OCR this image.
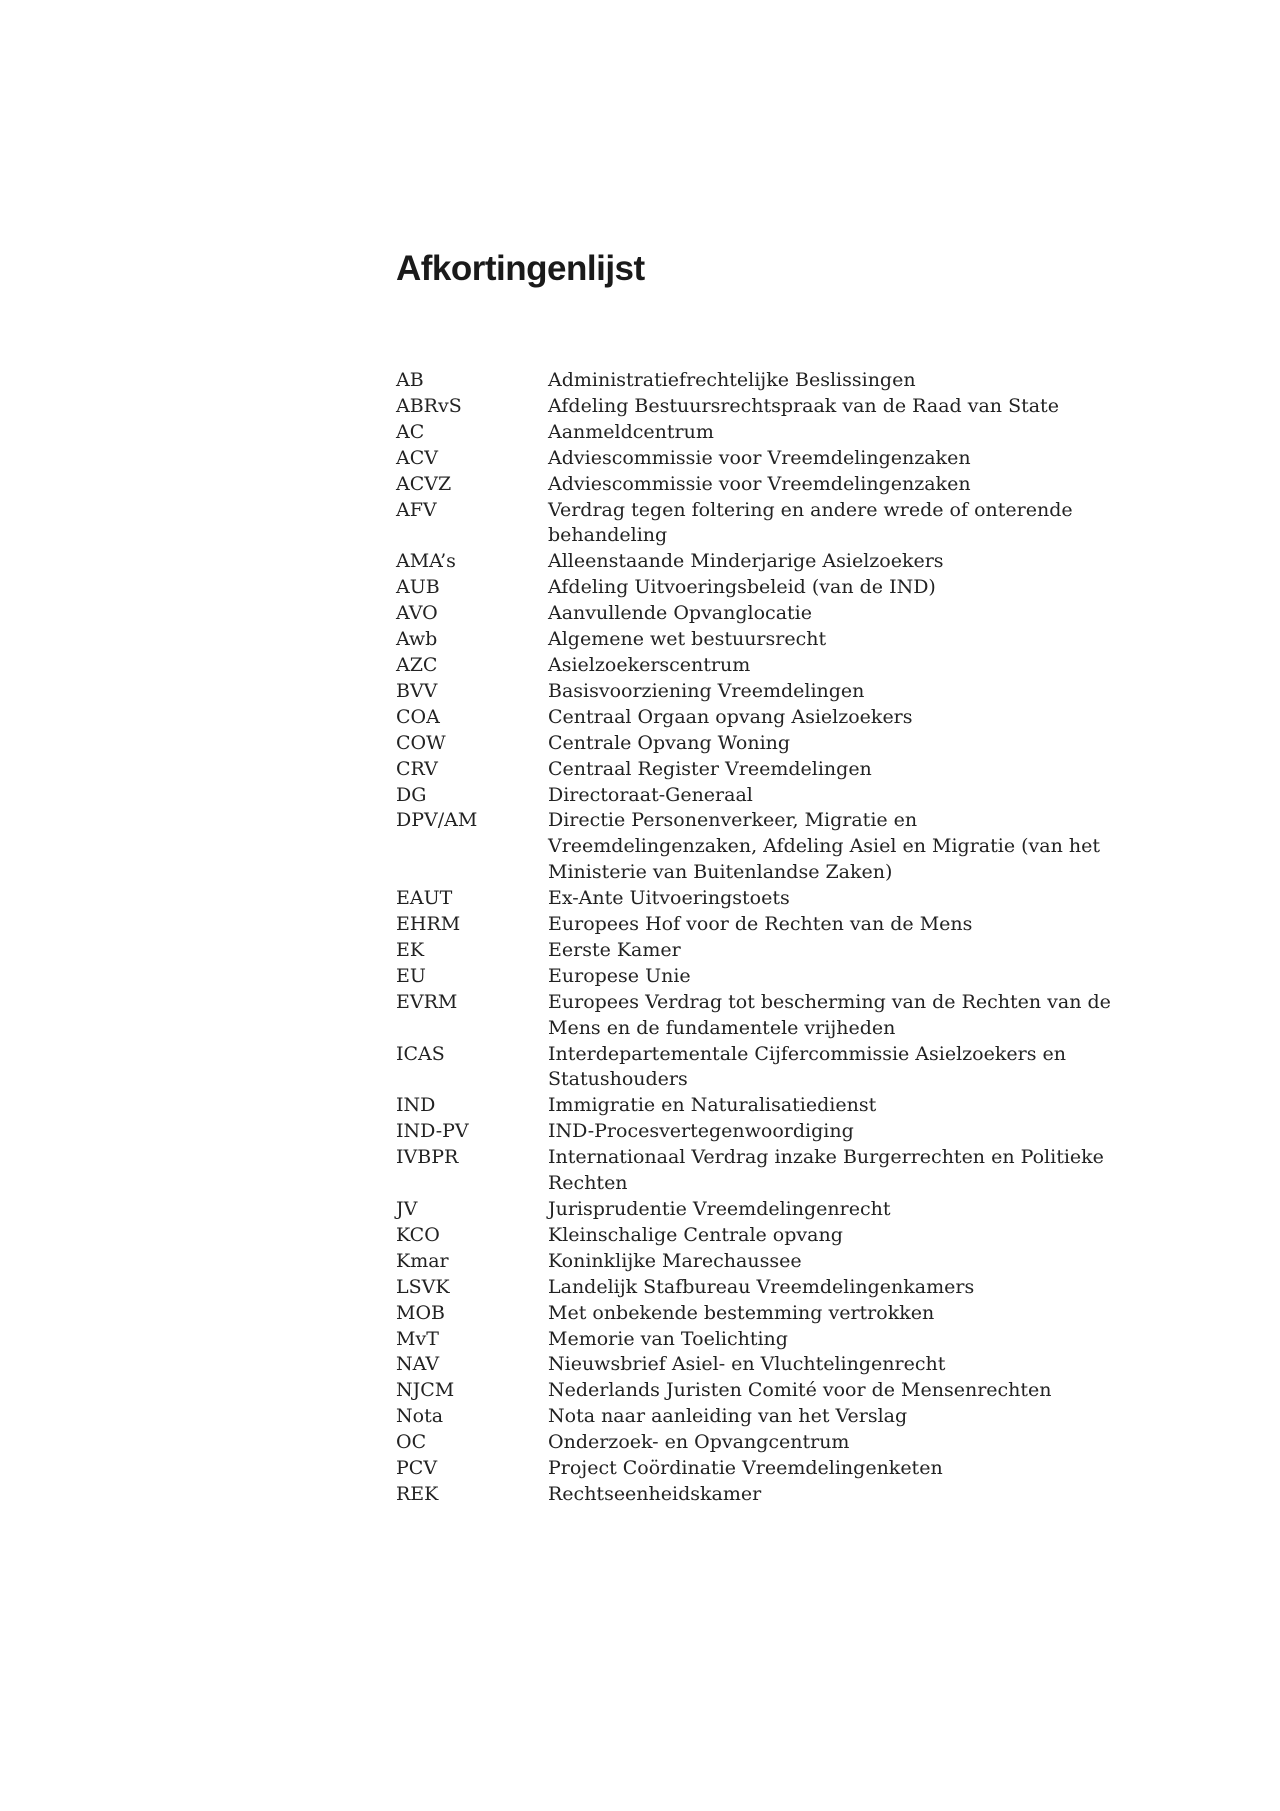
Afkortingenlijst
AB	Administratiefrechtelijke Beslissingen
ABRvS	Afdeling Bestuursrechtspraak van de Raad van State
AC	Aanmeldcentrum
ACV	Adviescommissie voor Vreemdelingenzaken
ACVZ	Adviescommissie voor Vreemdelingenzaken
AFV	Verdrag tegen foltering en andere wrede of onterende behandeling
AMA’s	Alleenstaande Minderjarige Asielzoekers
AUB	Afdeling Uitvoeringsbeleid (van de IND)
AVO	Aanvullende Opvanglocatie
Awb	Algemene wet bestuursrecht
AZC	Asielzoekerscentrum
BVV	Basisvoorziening Vreemdelingen
COA	Centraal Orgaan opvang Asielzoekers
COW	Centrale Opvang Woning
CRV	Centraal Register Vreemdelingen
DG	Directoraat-Generaal
DPV/AM	Directie Personenverkeer, Migratie en Vreemdelingenzaken, Afdeling Asiel en Migratie (van het Ministerie van Buitenlandse Zaken)
EAUT	Ex-Ante Uitvoeringstoets
EHRM	Europees Hof voor de Rechten van de Mens
EK	Eerste Kamer
EU	Europese Unie
EVRM	Europees Verdrag tot bescherming van de Rechten van de Mens en de fundamentele vrijheden
ICAS	Interdepartementale Cijfercommissie Asielzoekers en Statushouders
IND	Immigratie en Naturalisatiedienst
IND-PV	IND-Procesvertegenwoordiging
IVBPR	Internationaal Verdrag inzake Burgerrechten en Politieke Rechten
JV	Jurisprudentie Vreemdelingenrecht
KCO	Kleinschalige Centrale opvang
Kmar	Koninklijke Marechaussee
LSVK	Landelijk Stafbureau Vreemdelingenkamers
MOB	Met onbekende bestemming vertrokken
MvT	Memorie van Toelichting
NAV	Nieuwsbrief Asiel- en Vluchtelingenrecht
NJCM	Nederlands Juristen Comité voor de Mensenrechten
Nota	Nota naar aanleiding van het Verslag
OC	Onderzoek- en Opvangcentrum
PCV	Project Coördinatie Vreemdelingenketen
REK	Rechtseenheidskamer
